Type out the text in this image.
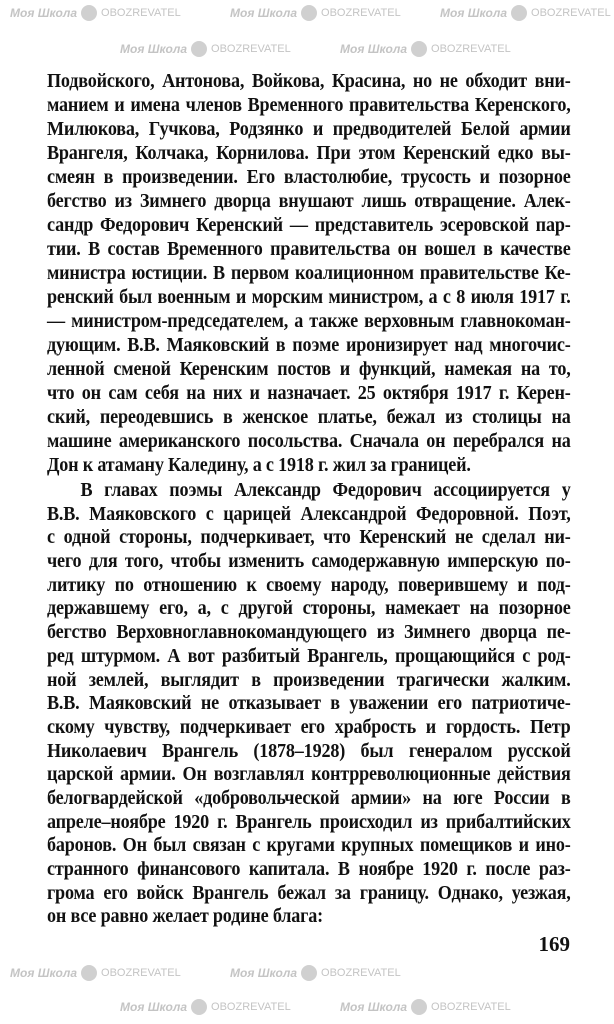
Моя Школа OBOZREVATEL	Моя Школа OBOZREVATEL	Моя Школа OBOZREVATEL
Моя Школа OBOZREVATEL	Моя Школа OBOZREVATEL
Моя Школа OBOZREVATEL	Моя Школа OBOZREVATEL
Моя Школа OBOZREVATEL	Моя Школа OBOZREVATEL
Подвойского, Антонова, Войкова, Красина, но не обходит вни-
манием и имена членов Временного правительства Керенского,
Милюкова, Гучкова, Родзянко и предводителей Белой армии
Врангеля, Колчака, Корнилова. При этом Керенский едко вы-
смеян в произведении. Его властолюбие, трусость и позорное
бегство из Зимнего дворца внушают лишь отвращение. Алек-
сандр Федорович Керенский — представитель эсеровской пар-
тии. В состав Временного правительства он вошел в качестве
министра юстиции. В первом коалиционном правительстве Ке-
ренский был военным и морским министром, а с 8 июля 1917 г.
— министром-председателем, а также верховным главнокоман-
дующим. В.В. Маяковский в поэме иронизирует над многочис-
ленной сменой Керенским постов и функций, намекая на то,
что он сам себя на них и назначает. 25 октября 1917 г. Керен-
ский, переодевшись в женское платье, бежал из столицы на
машине американского посольства. Сначала он перебрался на
Дон к атаману Каледину, а с 1918 г. жил за границей.
В главах поэмы Александр Федорович ассоциируется у
В.В. Маяковского с царицей Александрой Федоровной. Поэт,
с одной стороны, подчеркивает, что Керенский не сделал ни-
чего для того, чтобы изменить самодержавную имперскую по-
литику по отношению к своему народу, поверившему и под-
державшему его, а, с другой стороны, намекает на позорное
бегство Верховноглавнокомандующего из Зимнего дворца пе-
ред штурмом. А вот разбитый Врангель, прощающийся с род-
ной землей, выглядит в произведении трагически жалким.
В.В. Маяковский не отказывает в уважении его патриотиче-
скому чувству, подчеркивает его храбрость и гордость. Петр
Николаевич Врангель (1878–1928) был генералом русской
царской армии. Он возглавлял контрреволюционные действия
белогвардейской «добровольческой армии» на юге России в
апреле–ноябре 1920 г. Врангель происходил из прибалтийских
баронов. Он был связан с кругами крупных помещиков и ино-
странного финансового капитала. В ноябре 1920 г. после раз-
грома его войск Врангель бежал за границу. Однако, уезжая,
он все равно желает родине блага:
169
